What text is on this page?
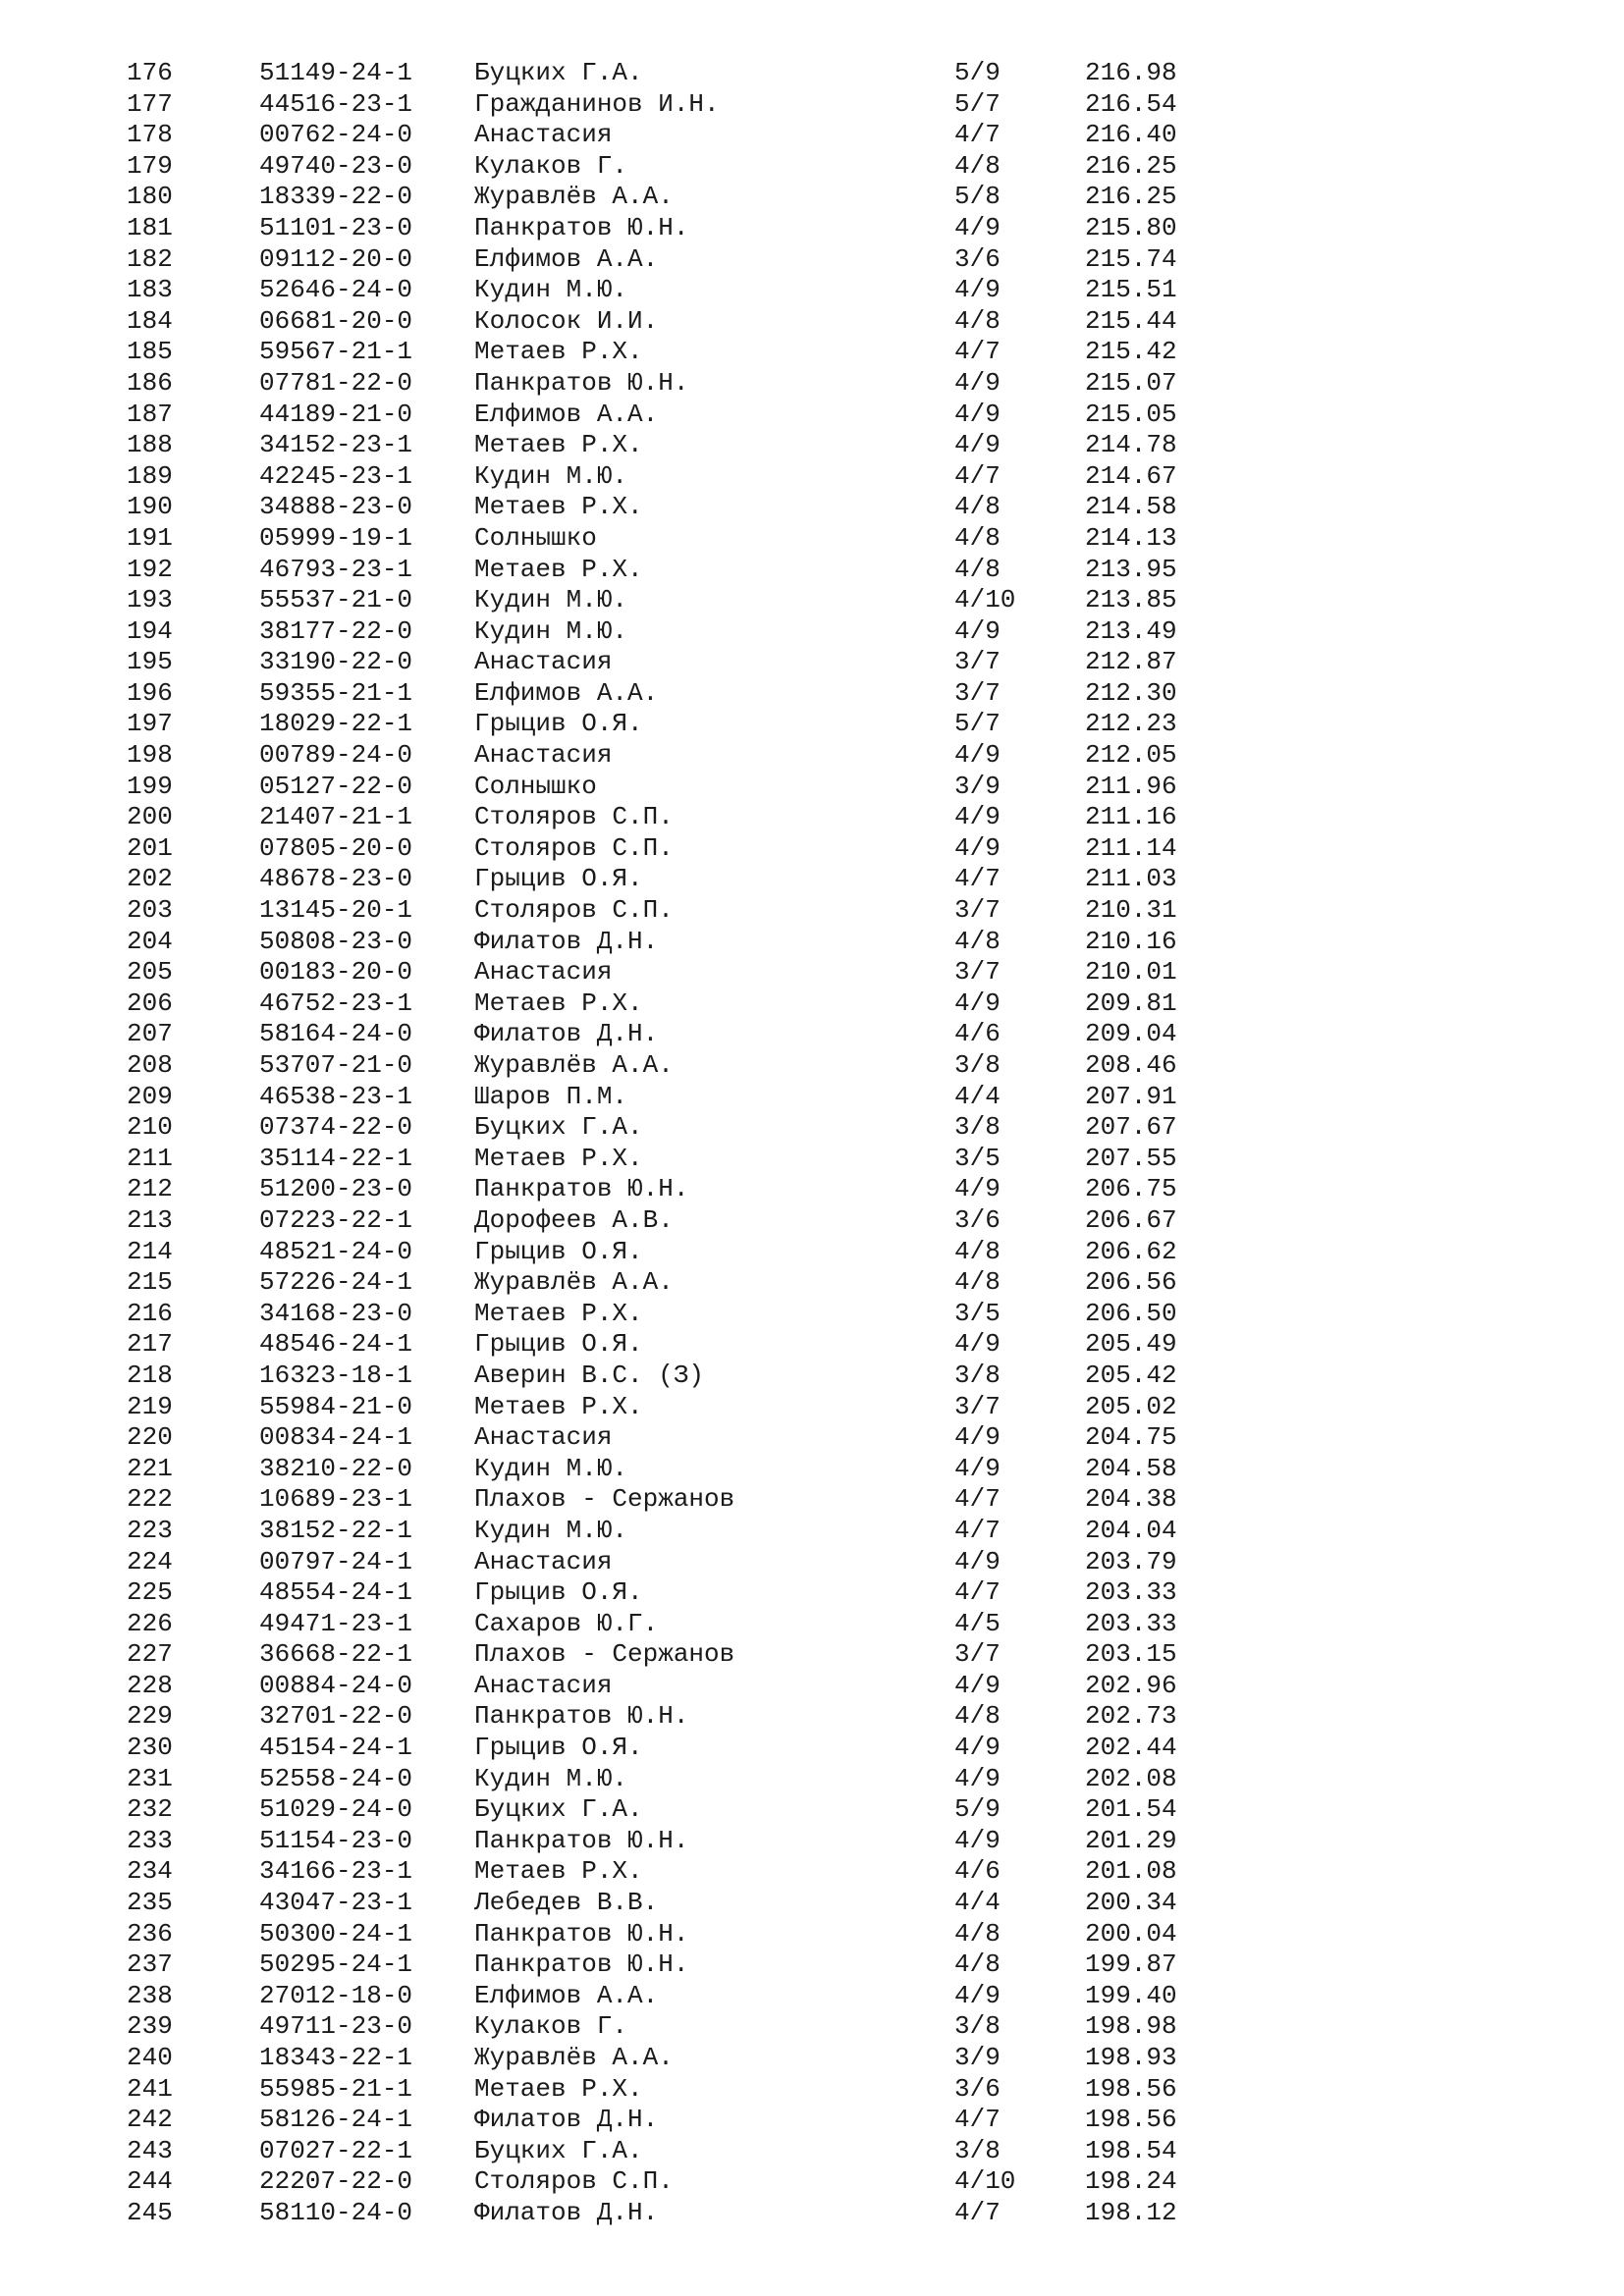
176	51149-24-1 Буцких Г.А.	5/9	216.98
177	44516-23-1 Гражданинов И.Н.	5/7	216.54
178	00762-24-0 Анастасия	4/7	216.40
179	49740-23-0 Кулаков Г.	4/8	216.25
180	18339-22-0 Журавлёв А.А.	5/8	216.25
181	51101-23-0 Панкратов Ю.Н.	4/9	215.80
182	09112-20-0 Елфимов А.А.	3/6	215.74
183	52646-24-0 Кудин М.Ю.	4/9	215.51
184	06681-20-0 Колосок И.И.	4/8	215.44
185	59567-21-1 Метаев Р.Х.	4/7	215.42
186	07781-22-0 Панкратов Ю.Н.	4/9	215.07
187	44189-21-0 Елфимов А.А.	4/9	215.05
188	34152-23-1 Метаев Р.Х.	4/9	214.78
189	42245-23-1 Кудин М.Ю.	4/7	214.67
190	34888-23-0 Метаев Р.Х.	4/8	214.58
191	05999-19-1 Солнышко	4/8	214.13
192	46793-23-1 Метаев Р.Х.	4/8	213.95
193	55537-21-0 Кудин М.Ю.	4/10	213.85
194	38177-22-0 Кудин М.Ю.	4/9	213.49
195	33190-22-0 Анастасия	3/7	212.87
196	59355-21-1 Елфимов А.А.	3/7	212.30
197	18029-22-1 Грыцив О.Я.	5/7	212.23
198	00789-24-0 Анастасия	4/9	212.05
199	05127-22-0 Солнышко	3/9	211.96
200	21407-21-1 Столяров С.П.	4/9	211.16
201	07805-20-0 Столяров С.П.	4/9	211.14
202	48678-23-0 Грыцив О.Я.	4/7	211.03
203	13145-20-1 Столяров С.П.	3/7	210.31
204	50808-23-0 Филатов Д.Н.	4/8	210.16
205	00183-20-0 Анастасия	3/7	210.01
206	46752-23-1 Метаев Р.Х.	4/9	209.81
207	58164-24-0 Филатов Д.Н.	4/6	209.04
208	53707-21-0 Журавлёв А.А.	3/8	208.46
209	46538-23-1 Шаров П.М.	4/4	207.91
210	07374-22-0 Буцких Г.А.	3/8	207.67
211	35114-22-1 Метаев Р.Х.	3/5	207.55
212	51200-23-0 Панкратов Ю.Н.	4/9	206.75
213	07223-22-1 Дорофеев А.В.	3/6	206.67
214	48521-24-0 Грыцив О.Я.	4/8	206.62
215	57226-24-1 Журавлёв А.А.	4/8	206.56
216	34168-23-0 Метаев Р.Х.	3/5	206.50
217	48546-24-1 Грыцив О.Я.	4/9	205.49
218	16323-18-1 Аверин В.С. (З)	3/8	205.42
219	55984-21-0 Метаев Р.Х.	3/7	205.02
220	00834-24-1 Анастасия	4/9	204.75
221	38210-22-0 Кудин М.Ю.	4/9	204.58
222	10689-23-1 Плахов - Сержанов	4/7	204.38
223	38152-22-1 Кудин М.Ю.	4/7	204.04
224	00797-24-1 Анастасия	4/9	203.79
225	48554-24-1 Грыцив О.Я.	4/7	203.33
226	49471-23-1 Сахаров Ю.Г.	4/5	203.33
227	36668-22-1 Плахов - Сержанов	3/7	203.15
228	00884-24-0 Анастасия	4/9	202.96
229	32701-22-0 Панкратов Ю.Н.	4/8	202.73
230	45154-24-1 Грыцив О.Я.	4/9	202.44
231	52558-24-0 Кудин М.Ю.	4/9	202.08
232	51029-24-0 Буцких Г.А.	5/9	201.54
233	51154-23-0 Панкратов Ю.Н.	4/9	201.29
234	34166-23-1 Метаев Р.Х.	4/6	201.08
235	43047-23-1 Лебедев В.В.	4/4	200.34
236	50300-24-1 Панкратов Ю.Н.	4/8	200.04
237	50295-24-1 Панкратов Ю.Н.	4/8	199.87
238	27012-18-0 Елфимов А.А.	4/9	199.40
239	49711-23-0 Кулаков Г.	3/8	198.98
240	18343-22-1 Журавлёв А.А.	3/9	198.93
241	55985-21-1 Метаев Р.Х.	3/6	198.56
242	58126-24-1 Филатов Д.Н.	4/7	198.56
243	07027-22-1 Буцких Г.А.	3/8	198.54
244	22207-22-0 Столяров С.П.	4/10	198.24
245	58110-24-0 Филатов Д.Н.	4/7	198.12
